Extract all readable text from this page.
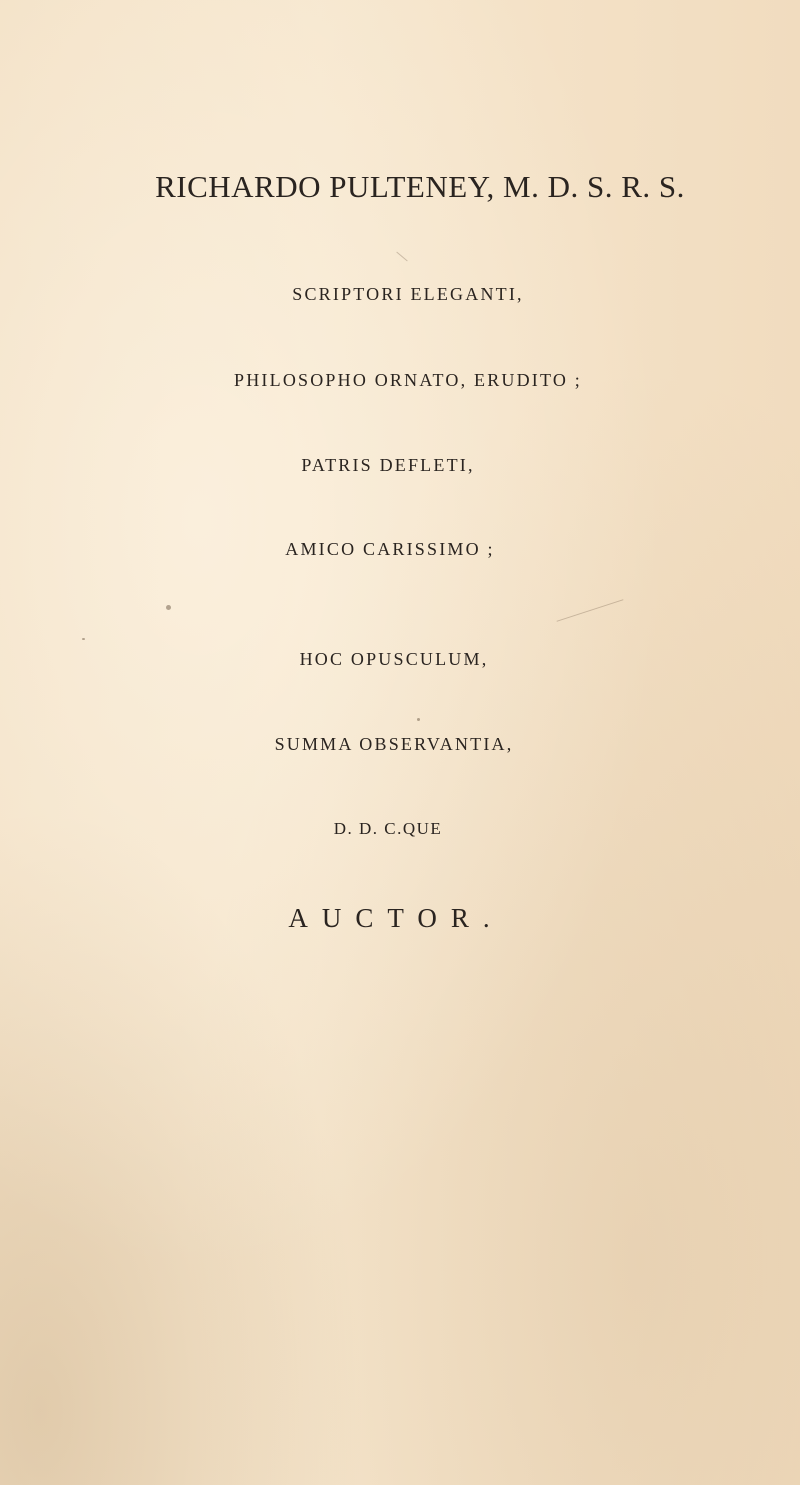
RICHARDO PULTENEY, M. D. S. R. S.

SCRIPTORI ELEGANTI,

PHILOSOPHO ORNATO, ERUDITO ;

PATRIS DEFLETI,

AMICO CARISSIMO ;

HOC OPUSCULUM,

SUMMA OBSERVANTIA,

D. D. C.QUE

AUCTOR.
